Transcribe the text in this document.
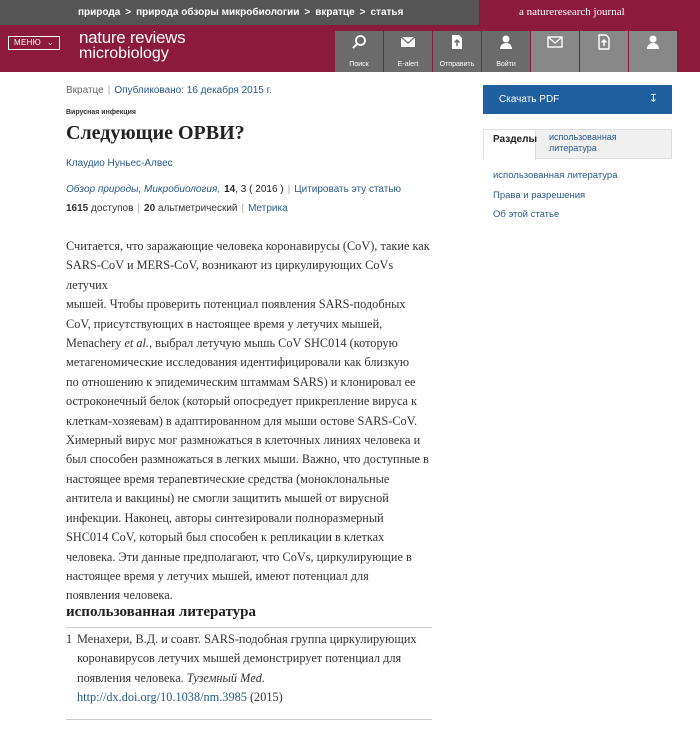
природа > природа обзоры микробиологии > вкратце > статья	a natureresearch journal
МЕНЮ ⌄ nature reviews
microbiology
Поиск	E-alert	Отправить	Войти
Вкратце | Опубликовано: 16 декабря 2015 г.
Вирусная инфекция
Следующие ОРВИ?
Клаудио Нуньес-Алвес
Обзор природы, Микробиология, 14, 3 ( 2016 ) | Цитировать эту статью
1615 доступов | 20 альтметрический | Метрика
Считается, что заражающие человека коронавирусы (CoV), такие как
SARS-CoV и MERS-CoV, возникают из циркулирующих CoVs летучих
мышей. Чтобы проверить потенциал появления SARS-подобных
CoV, присутствующих в настоящее время у летучих мышей,
Menachery et al., выбрал летучую мышь CoV SHC014 (которую
метагеномические исследования идентифицировали как близкую
по отношению к эпидемическим штаммам SARS) и клонировал ее
остроконечный белок (который опосредует прикрепление вируса к
клеткам-хозяевам) в адаптированном для мыши остове SARS-CoV.
Химерный вирус мог размножаться в клеточных линиях человека и
был способен размножаться в легких мыши. Важно, что доступные в
настоящее время терапевтические средства (моноклональные
антитела и вакцины) не смогли защитить мышей от вирусной
инфекции. Наконец, авторы синтезировали полноразмерный
SHC014 CoV, который был способен к репликации в клетках
человека. Эти данные предполагают, что CoVs, циркулирующие в
настоящее время у летучих мышей, имеют потенциал для
появления человека.
использованная литература
1 Менахери, В.Д. и соавт. SARS-подобная группа циркулирующих
коронавирусов летучих мышей демонстрирует потенциал для
появления человека. Туземный Med.
http://dx.doi.org/10.1038/nm.3985 (2015)
Скачать PDF	↧
Разделы использованная литература
использованная литература
Права и разрешения
Об этой статье
